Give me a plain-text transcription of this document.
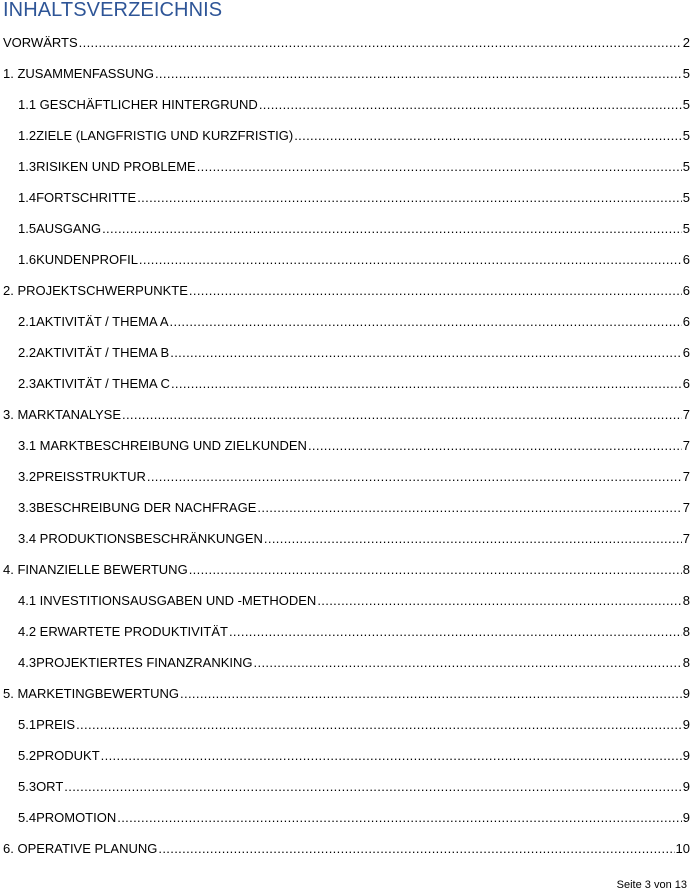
INHALTSVERZEICHNIS
VORWÄRTS .....	2
1. ZUSAMMENFASSUNG .....	5
1.1 GESCHÄFTLICHER HINTERGRUND .....	5
1.2ZIELE (LANGFRISTIG UND KURZFRISTIG) .....	5
1.3RISIKEN UND PROBLEME .....	5
1.4FORTSCHRITTE .....	5
1.5AUSGANG .....	5
1.6KUNDENPROFIL .....	6
2. PROJEKTSCHWERPUNKTE .....	6
2.1AKTIVITÄT / THEMA A .....	6
2.2AKTIVITÄT / THEMA B .....	6
2.3AKTIVITÄT / THEMA C .....	6
3. MARKTANALYSE .....	7
3.1 MARKTBESCHREIBUNG UND ZIELKUNDEN .....	7
3.2PREISSTRUKTUR .....	7
3.3BESCHREIBUNG DER NACHFRAGE .....	7
3.4 PRODUKTIONSBESCHRÄNKUNGEN .....	7
4. FINANZIELLE BEWERTUNG .....	8
4.1 INVESTITIONSAUSGABEN UND -METHODEN .....	8
4.2 ERWARTETE PRODUKTIVITÄT .....	8
4.3PROJEKTIERTES FINANZRANKING .....	8
5. MARKETINGBEWERTUNG .....	9
5.1PREIS .....	9
5.2PRODUKT .....	9
5.3ORT .....	9
5.4PROMOTION .....	9
6. OPERATIVE PLANUNG .....	10
Seite 3 von 13
